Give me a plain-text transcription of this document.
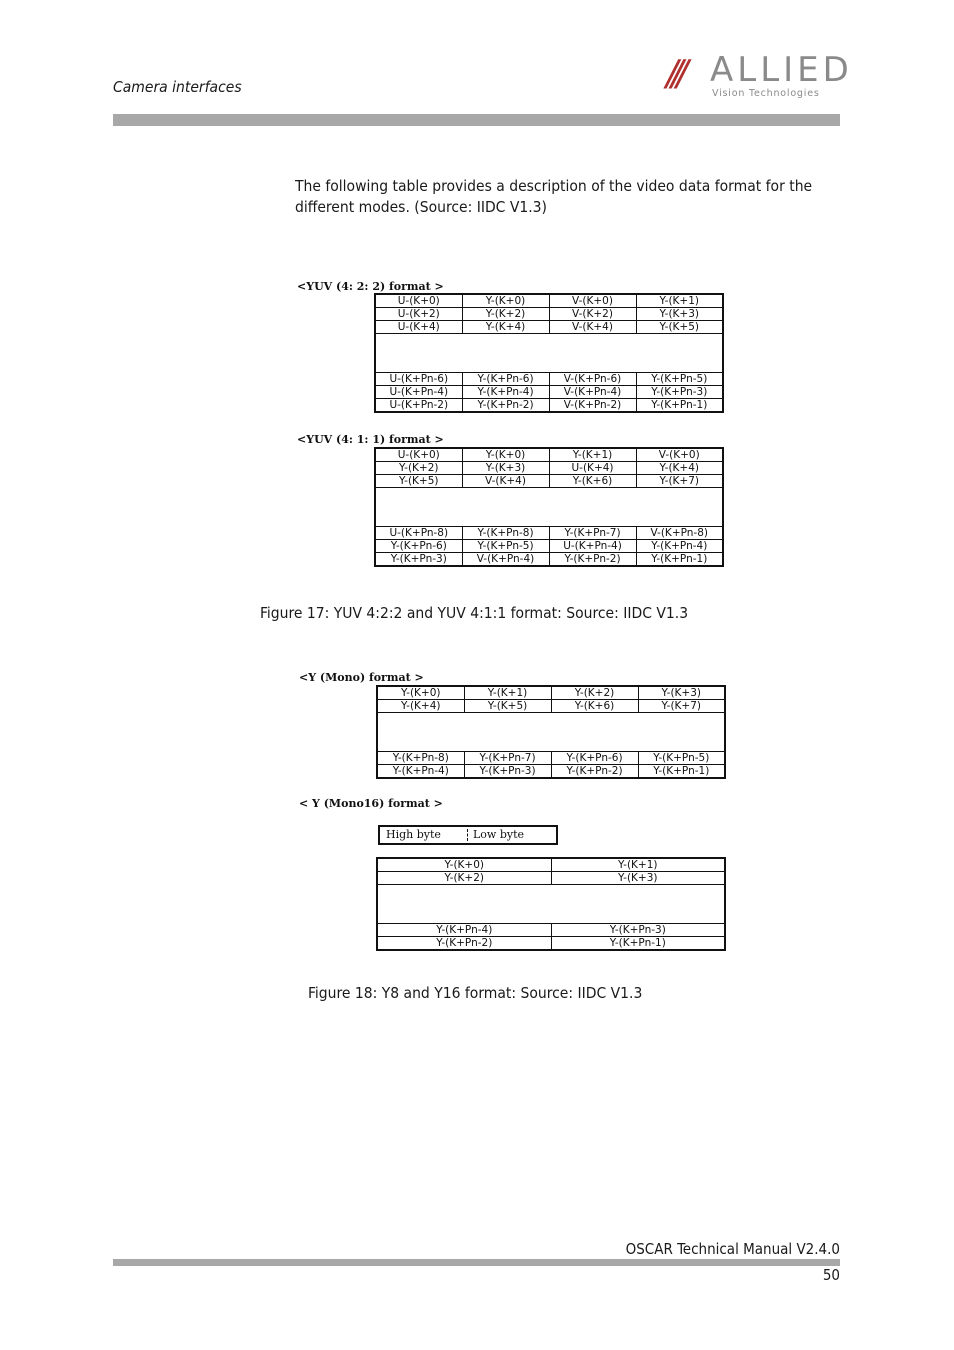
Camera interfaces	/// ALLIED
Vision Technologies
The following table provides a description of the video data format for the different modes. (Source: IIDC V1.3)
<YUV (4: 2: 2) format >
U-(K+0)	Y-(K+0)	V-(K+0)	Y-(K+1)
U-(K+2)	Y-(K+2)	V-(K+2)	Y-(K+3)
U-(K+4)	Y-(K+4)	V-(K+4)	Y-(K+5)

U-(K+Pn-6)	Y-(K+Pn-6)	V-(K+Pn-6)	Y-(K+Pn-5)
U-(K+Pn-4)	Y-(K+Pn-4)	V-(K+Pn-4)	Y-(K+Pn-3)
U-(K+Pn-2)	Y-(K+Pn-2)	V-(K+Pn-2)	Y-(K+Pn-1)
<YUV (4: 1: 1) format >
U-(K+0)	Y-(K+0)	Y-(K+1)	V-(K+0)
Y-(K+2)	Y-(K+3)	U-(K+4)	Y-(K+4)
Y-(K+5)	V-(K+4)	Y-(K+6)	Y-(K+7)

U-(K+Pn-8)	Y-(K+Pn-8)	Y-(K+Pn-7)	V-(K+Pn-8)
Y-(K+Pn-6)	Y-(K+Pn-5)	U-(K+Pn-4)	Y-(K+Pn-4)
Y-(K+Pn-3)	V-(K+Pn-4)	Y-(K+Pn-2)	Y-(K+Pn-1)
Figure 17: YUV 4:2:2 and YUV 4:1:1 format: Source: IIDC V1.3
<Y (Mono) format >
Y-(K+0)	Y-(K+1)	Y-(K+2)	Y-(K+3)
Y-(K+4)	Y-(K+5)	Y-(K+6)	Y-(K+7)

Y-(K+Pn-8)	Y-(K+Pn-7)	Y-(K+Pn-6)	Y-(K+Pn-5)
Y-(K+Pn-4)	Y-(K+Pn-3)	Y-(K+Pn-2)	Y-(K+Pn-1)
< Y (Mono16) format >
High byte	Low byte
Y-(K+0)	Y-(K+1)
Y-(K+2)	Y-(K+3)

Y-(K+Pn-4)	Y-(K+Pn-3)
Y-(K+Pn-2)	Y-(K+Pn-1)
Figure 18: Y8 and Y16 format: Source: IIDC V1.3
OSCAR Technical Manual V2.4.0
50
